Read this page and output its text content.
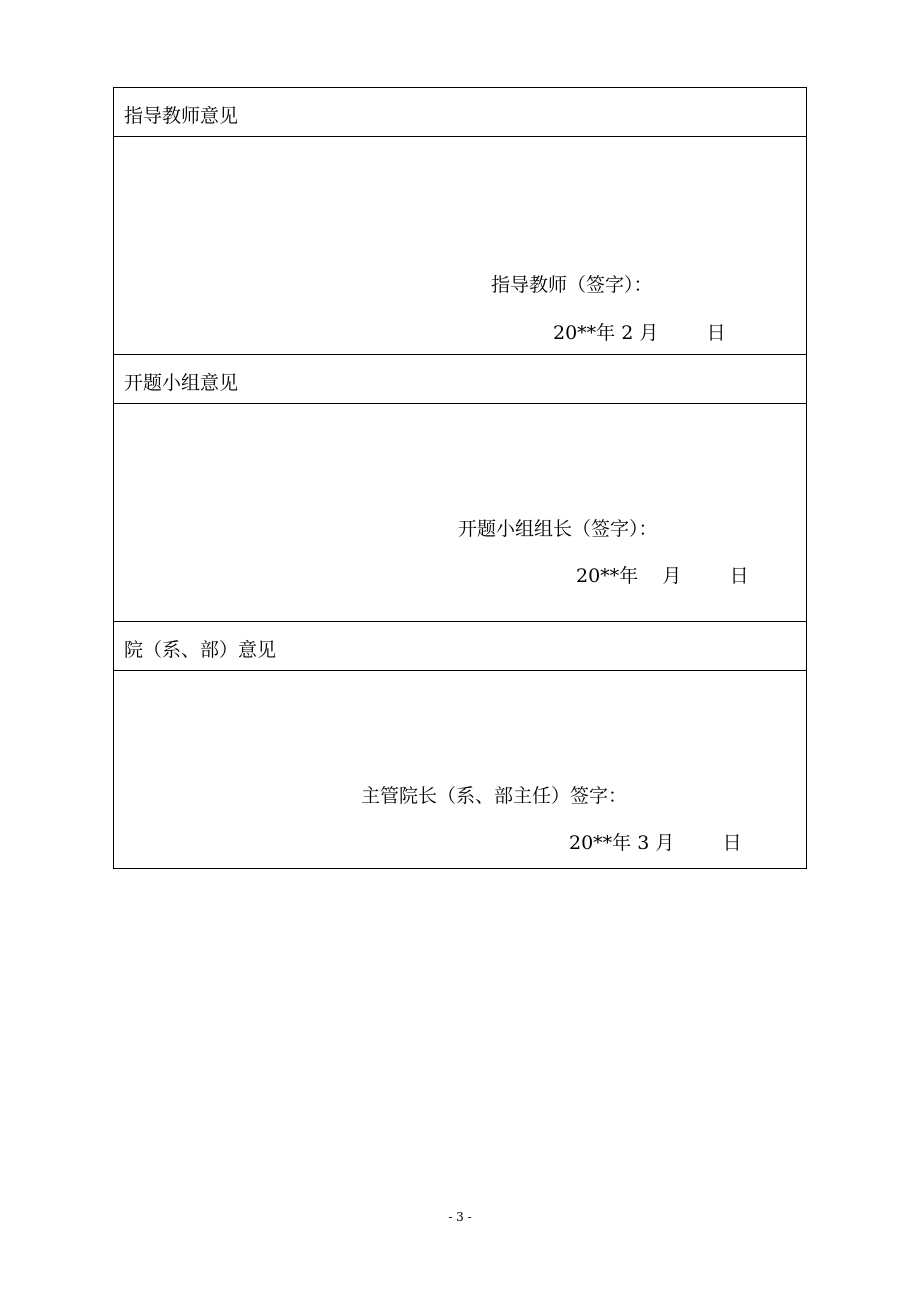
指导教师意见
指导教师（签字）：
20**年 2 月        日
开题小组意见
开题小组组长（签字）：
20**年    月        日
院（系、部）意见
主管院长（系、部主任）签字：
20**年 3 月        日
- 3 -
